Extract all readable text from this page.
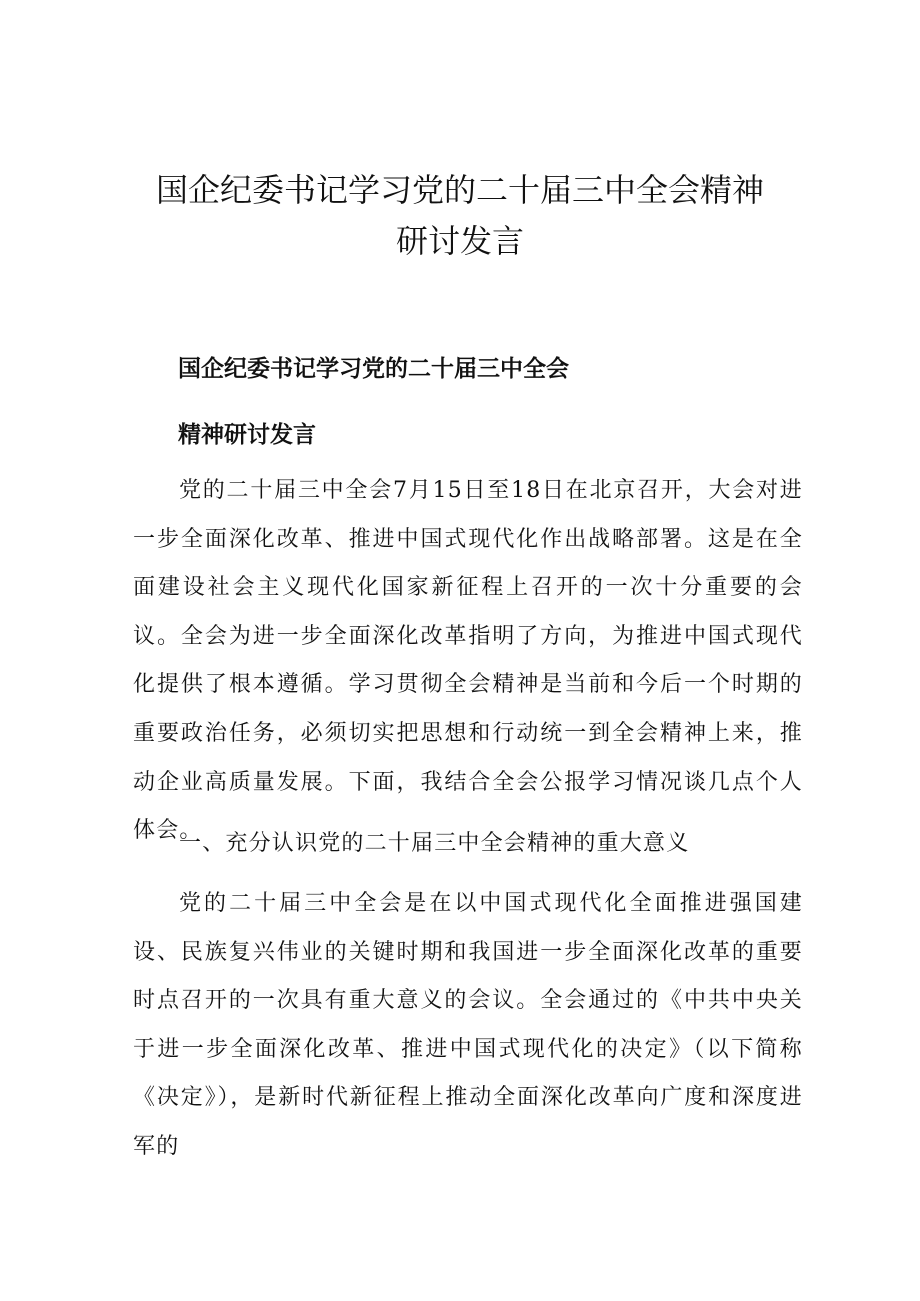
国企纪委书记学习党的二十届三中全会精神
研讨发言
国企纪委书记学习党的二十届三中全会
精神研讨发言

党的二十届三中全会7月15日至18日在北京召开，大会对进一步全面深化改革、推进中国式现代化作出战略部署。这是在全面建设社会主义现代化国家新征程上召开的一次十分重要的会议。全会为进一步全面深化改革指明了方向，为推进中国式现代化提供了根本遵循。学习贯彻全会精神是当前和今后一个时期的重要政治任务，必须切实把思想和行动统一到全会精神上来，推动企业高质量发展。下面，我结合全会公报学习情况谈几点个人体会。

一、充分认识党的二十届三中全会精神的重大意义

党的二十届三中全会是在以中国式现代化全面推进强国建设、民族复兴伟业的关键时期和我国进一步全面深化改革的重要时点召开的一次具有重大意义的会议。全会通过的《中共中央关于进一步全面深化改革、推进中国式现代化的决定》（以下简称《决定》），是新时代新征程上推动全面深化改革向广度和深度进军的
